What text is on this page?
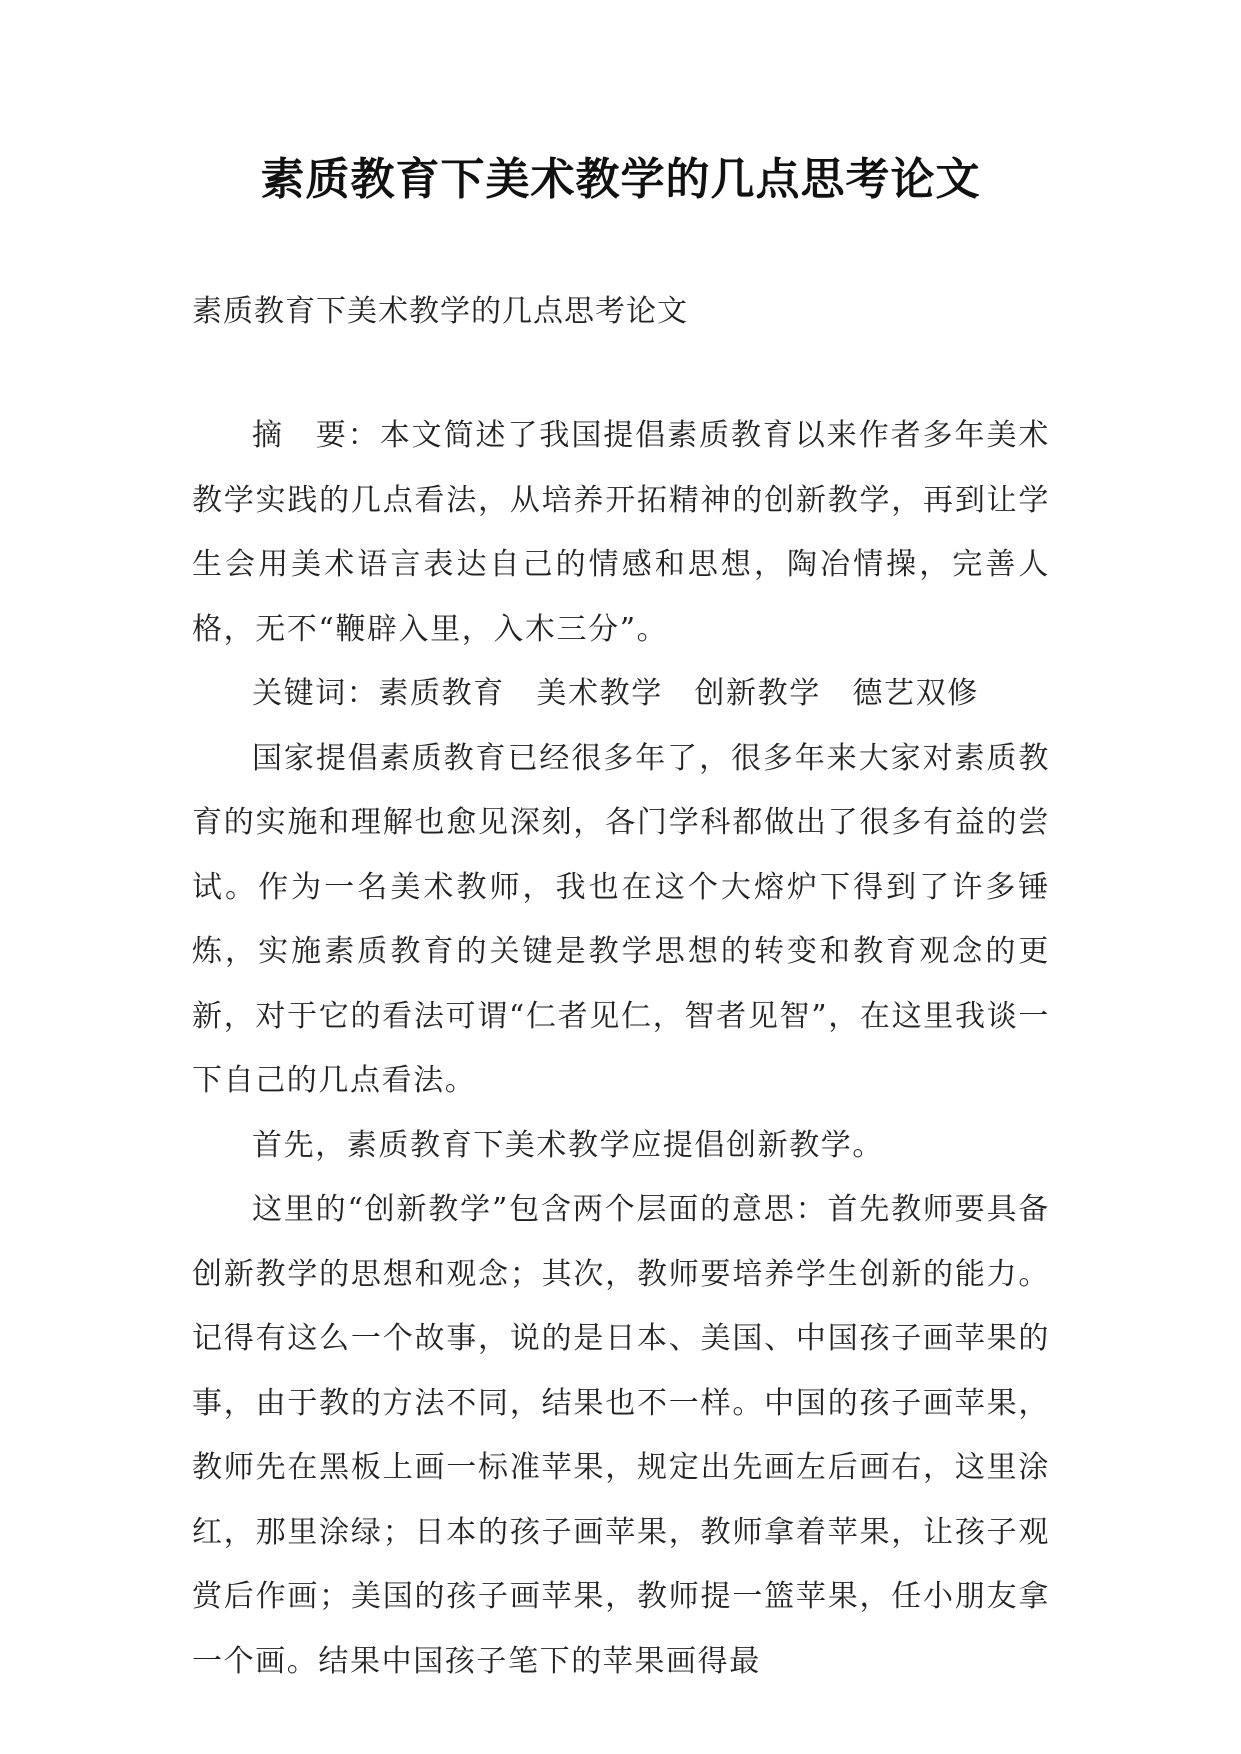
素质教育下美术教学的几点思考论文
素质教育下美术教学的几点思考论文

摘　要：本文简述了我国提倡素质教育以来作者多年美术教学实践的几点看法，从培养开拓精神的创新教学，再到让学生会用美术语言表达自己的情感和思想，陶冶情操，完善人格，无不“鞭辟入里，入木三分”。

关键词：素质教育　美术教学　创新教学　德艺双修

国家提倡素质教育已经很多年了，很多年来大家对素质教育的实施和理解也愈见深刻，各门学科都做出了很多有益的尝试。作为一名美术教师，我也在这个大熔炉下得到了许多锤炼，实施素质教育的关键是教学思想的转变和教育观念的更新，对于它的看法可谓“仁者见仁，智者见智”，在这里我谈一下自己的几点看法。

首先，素质教育下美术教学应提倡创新教学。

这里的“创新教学”包含两个层面的意思：首先教师要具备创新教学的思想和观念；其次，教师要培养学生创新的能力。记得有这么一个故事，说的是日本、美国、中国孩子画苹果的事，由于教的方法不同，结果也不一样。中国的孩子画苹果，教师先在黑板上画一标准苹果，规定出先画左后画右，这里涂红，那里涂绿；日本的孩子画苹果，教师拿着苹果，让孩子观赏后作画；美国的孩子画苹果，教师提一篮苹果，任小朋友拿一个画。结果中国孩子笔下的苹果画得最
